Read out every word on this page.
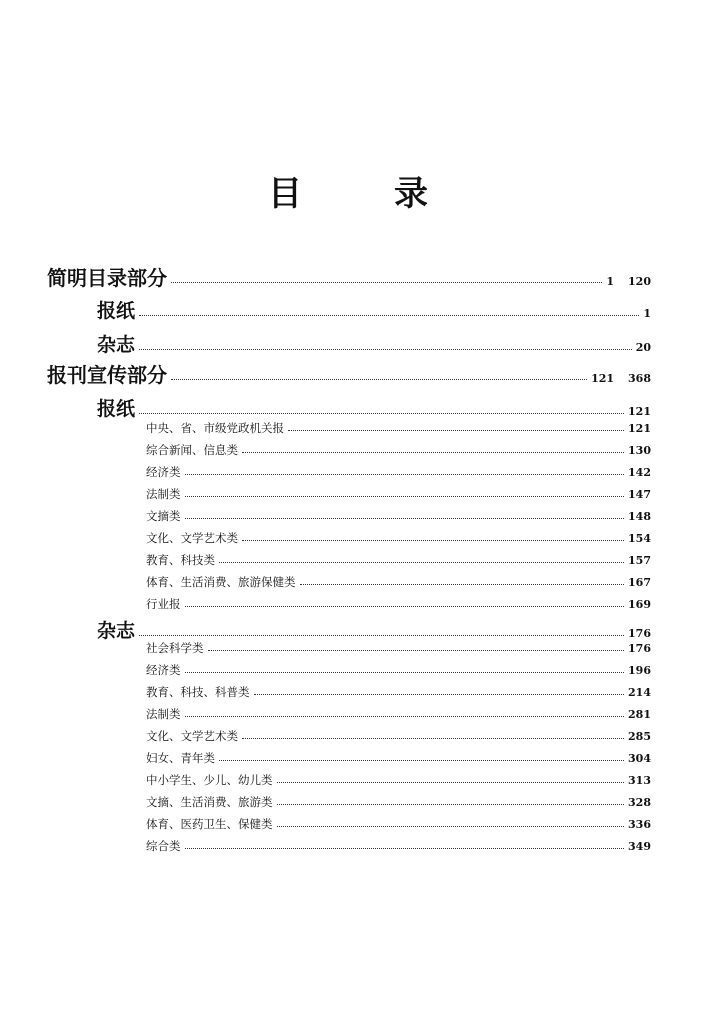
目	录
简明目录部分	1 120
报纸	1
杂志	20
报刊宣传部分	121 368
报纸	121
中央、省、市级党政机关报	121
综合新闻、信息类	130
经济类	142
法制类	147
文摘类	148
文化、文学艺术类	154
教育、科技类	157
体育、生活消费、旅游保健类	167
行业报	169
杂志	176
社会科学类	176
经济类	196
教育、科技、科普类	214
法制类	281
文化、文学艺术类	285
妇女、青年类	304
中小学生、少儿、幼儿类	313
文摘、生活消费、旅游类	328
体育、医药卫生、保健类	336
综合类	349
